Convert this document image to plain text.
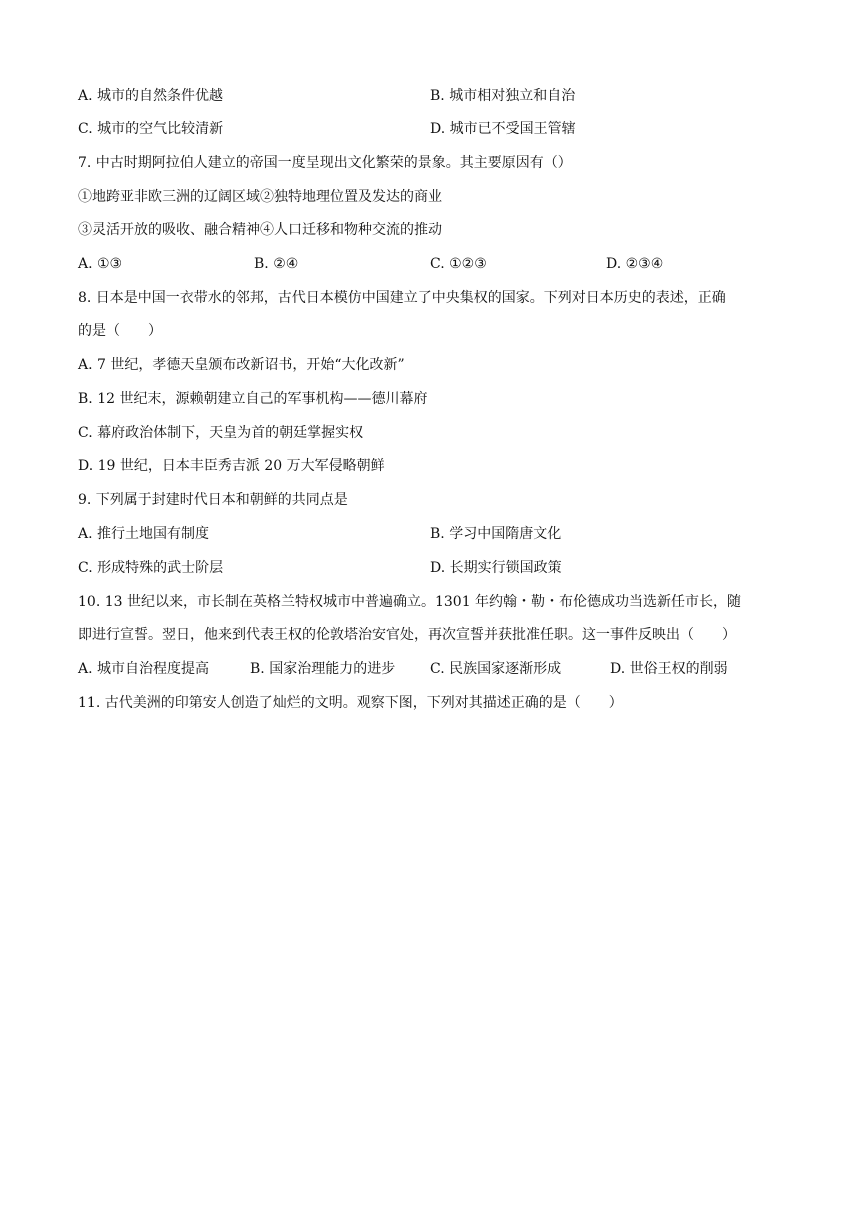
A. 城市的自然条件优越	B. 城市相对独立和自治
C. 城市的空气比较清新	D. 城市已不受国王管辖
7. 中古时期阿拉伯人建立的帝国一度呈现出文化繁荣的景象。其主要原因有（）
①地跨亚非欧三洲的辽阔区域②独特地理位置及发达的商业
③灵活开放的吸收、融合精神④人口迁移和物种交流的推动
A. ①③	B. ②④	C. ①②③	D. ②③④
8. 日本是中国一衣带水的邻邦，古代日本模仿中国建立了中央集权的国家。下列对日本历史的表述，正确
的是（　　）
A. 7 世纪，孝德天皇颁布改新诏书，开始“大化改新”
B. 12 世纪末，源赖朝建立自己的军事机构——德川幕府
C. 幕府政治体制下，天皇为首的朝廷掌握实权
D. 19 世纪，日本丰臣秀吉派 20 万大军侵略朝鲜
9. 下列属于封建时代日本和朝鲜的共同点是
A. 推行土地国有制度	B. 学习中国隋唐文化
C. 形成特殊的武士阶层	D. 长期实行锁国政策
10. 13 世纪以来，市长制在英格兰特权城市中普遍确立。1301 年约翰・勒・布伦德成功当选新任市长，随
即进行宣誓。翌日，他来到代表王权的伦敦塔治安官处，再次宣誓并获批准任职。这一事件反映出（　　）
A. 城市自治程度提高	B. 国家治理能力的进步 C. 民族国家逐渐形成	D. 世俗王权的削弱
11. 古代美洲的印第安人创造了灿烂的文明。观察下图，下列对其描述正确的是（　　）
